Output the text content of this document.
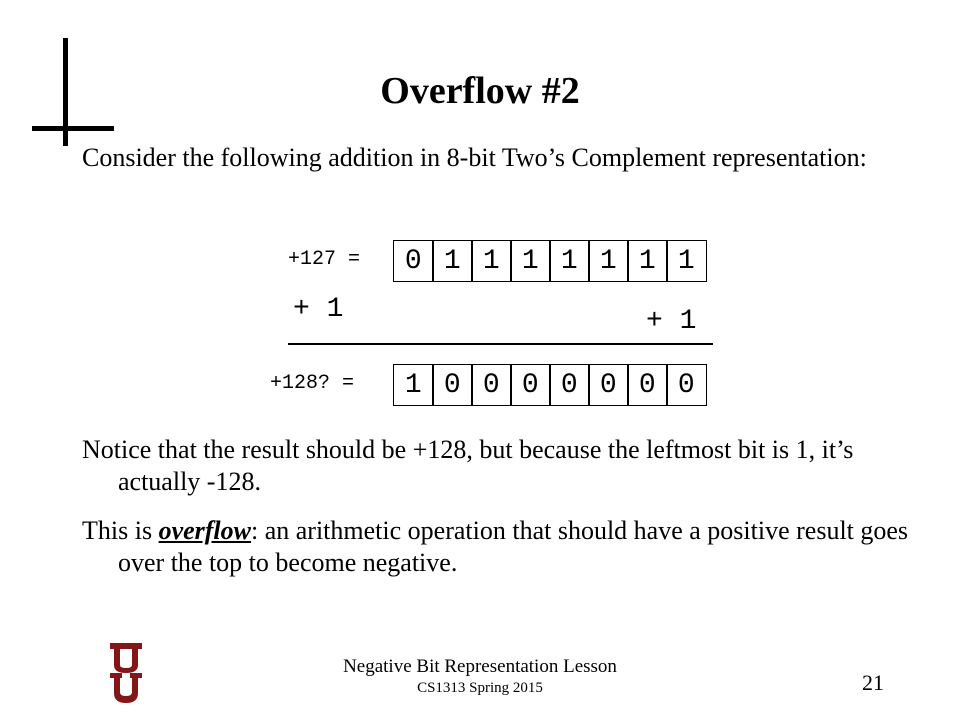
Overflow #2
Consider the following addition in 8-bit Two’s Complement representation:
+127 =	0 1 1 1 1 1 1 1
+ 1	+ 1
+128? =	1 0 0 0 0 0 0 0
Notice that the result should be +128, but because the leftmost bit is 1, it’s actually -128.
This is overflow: an arithmetic operation that should have a positive result goes over the top to become negative.
Negative Bit Representation Lesson
CS1313 Spring 2015	21
